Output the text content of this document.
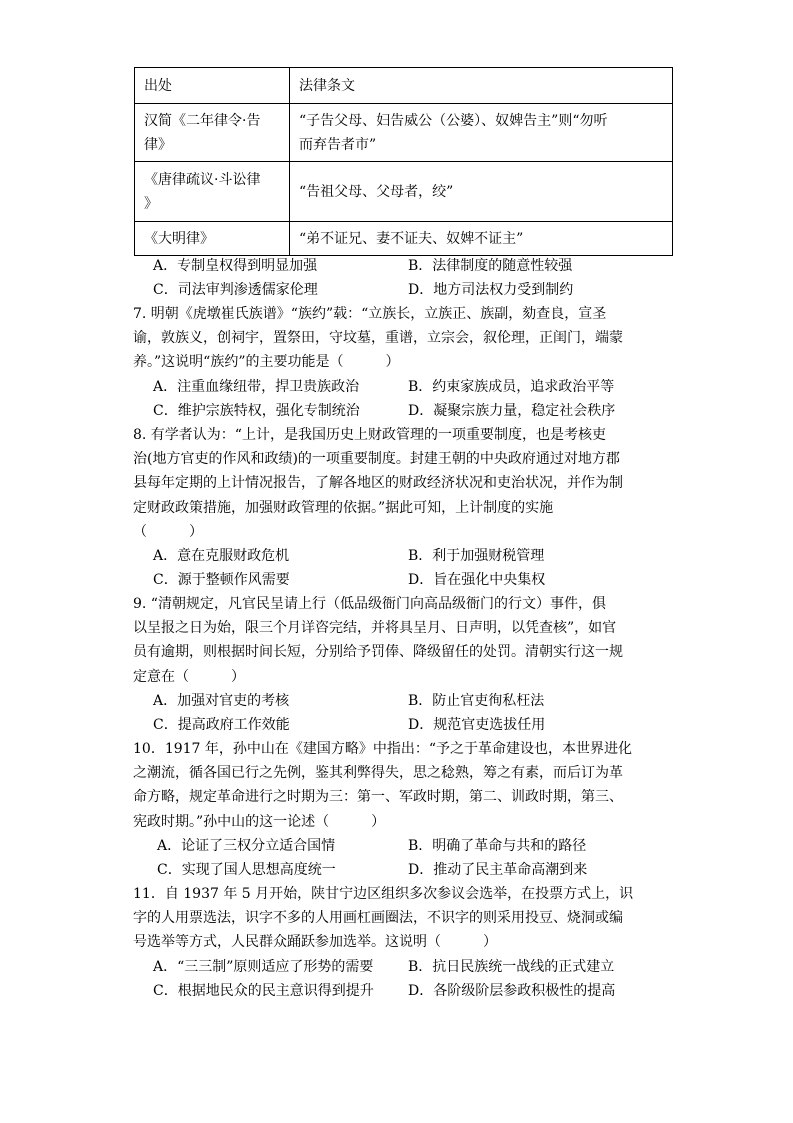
出处	法律条文
汉简《二年律令·告
律》	“子告父母、妇告威公（公婆）、奴婢告主”则“勿听
而弃告者市”
《唐律疏议·斗讼律
》	“告祖父母、父母者，绞”
《大明律》	“弟不证兄、妻不证夫、奴婢不证主”
A．专制皇权得到明显加强	B．法律制度的随意性较强
C．司法审判渗透儒家伦理	D．地方司法权力受到制约
7. 明朝《虎墩崔氏族谱》“族约”载：“立族长，立族正、族副，劾查良，宣圣
谕，敦族义，创祠宇，置祭田，守坟墓，重谱，立宗会，叙伦理，正闺门，端蒙
养。”这说明“族约”的主要功能是（　　　）
A．注重血缘纽带，捍卫贵族政治	B．约束家族成员，追求政治平等
C．维护宗族特权，强化专制统治	D．凝聚宗族力量，稳定社会秩序
8. 有学者认为：“上计，是我国历史上财政管理的一项重要制度，也是考核吏
治(地方官吏的作风和政绩)的一项重要制度。封建王朝的中央政府通过对地方郡
县每年定期的上计情况报告，了解各地区的财政经济状况和吏治状况，并作为制
定财政政策措施，加强财政管理的依据。”据此可知，上计制度的实施
（　　　）
A．意在克服财政危机	B．利于加强财税管理
C．源于整顿作风需要	D．旨在强化中央集权
9. “清朝规定，凡官民呈请上行（低品级衙门向高品级衙门的行文）事件，俱
以呈报之日为始，限三个月详咨完结，并将具呈月、日声明，以凭查核”，如官
员有逾期，则根据时间长短，分别给予罚俸、降级留任的处罚。清朝实行这一规
定意在（　　　）
A．加强对官吏的考核	B．防止官吏徇私枉法
C．提高政府工作效能	D．规范官吏选拔任用
10．1917 年，孙中山在《建国方略》中指出：“予之于革命建设也，本世界进化
之潮流，循各国已行之先例，鉴其利弊得失，思之稔熟，筹之有素，而后订为革
命方略，规定革命进行之时期为三：第一、军政时期，第二、训政时期，第三、
宪政时期。”孙中山的这一论述（　　　）
A．论证了三权分立适合国情	B．明确了革命与共和的路径
C．实现了国人思想高度统一	D．推动了民主革命高潮到来
11．自 1937 年 5 月开始，陕甘宁边区组织多次参议会选举，在投票方式上，识
字的人用票选法，识字不多的人用画杠画圈法，不识字的则采用投豆、烧洞或编
号选举等方式，人民群众踊跃参加选举。这说明（　　　）
A．“三三制”原则适应了形势的需要 B．抗日民族统一战线的正式建立
C．根据地民众的民主意识得到提升 D．各阶级阶层参政积极性的提高
